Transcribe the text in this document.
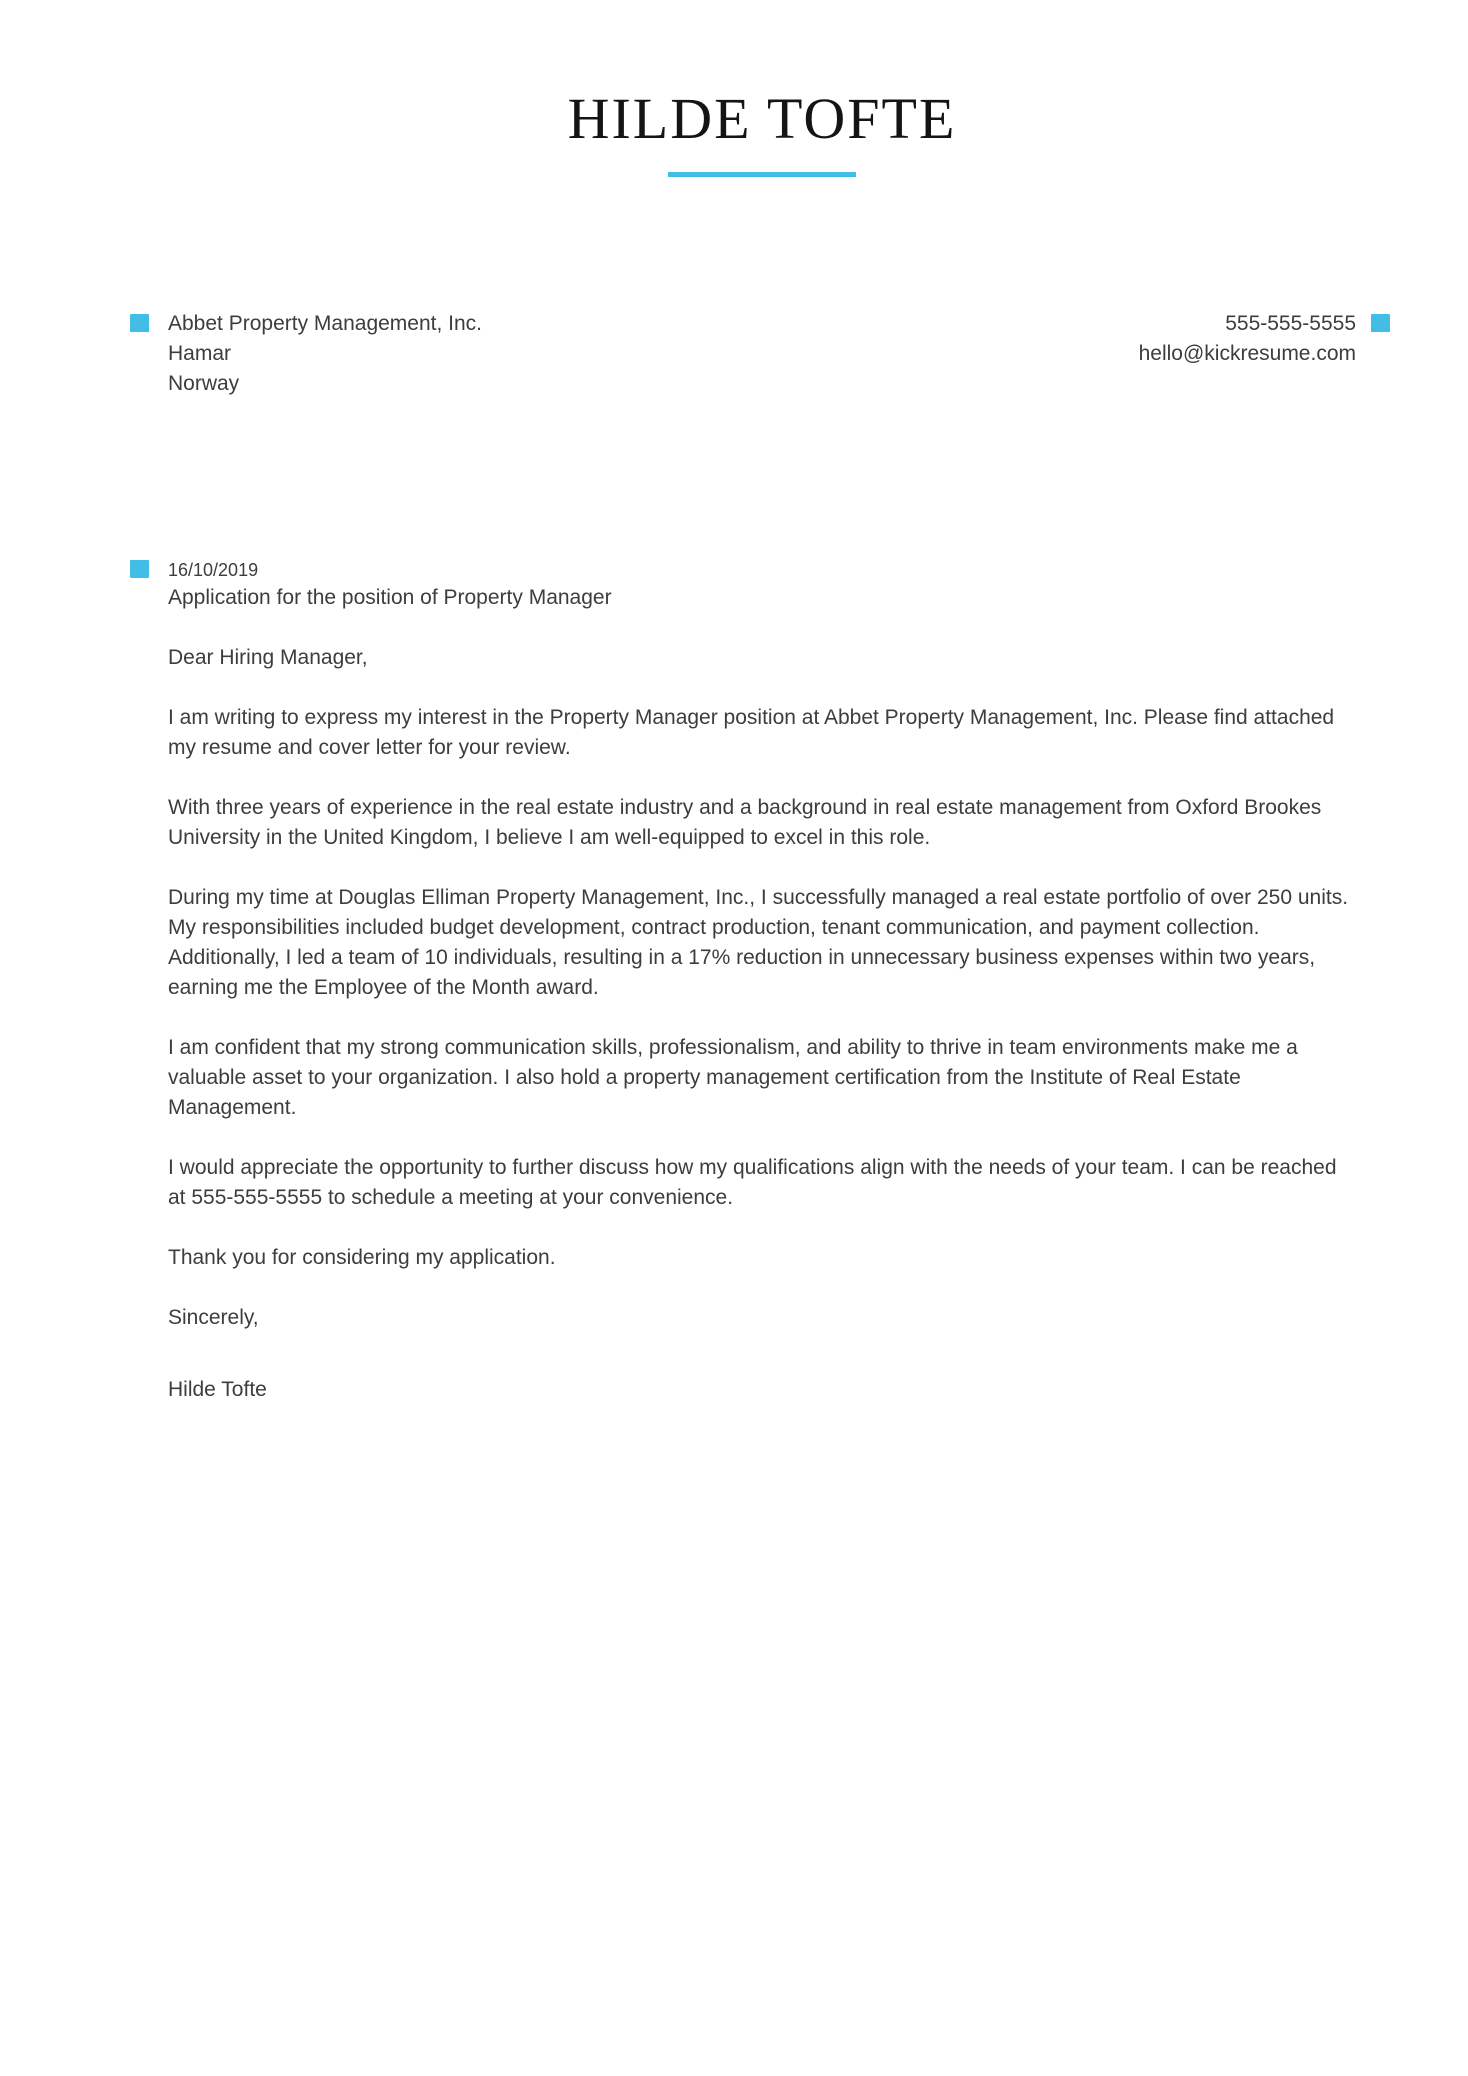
HILDE TOFTE
Abbet Property Management, Inc.
Hamar
Norway
555-555-5555
hello@kickresume.com
16/10/2019
Application for the position of Property Manager

Dear Hiring Manager,

I am writing to express my interest in the Property Manager position at Abbet Property Management, Inc. Please find attached my resume and cover letter for your review.

With three years of experience in the real estate industry and a background in real estate management from Oxford Brookes University in the United Kingdom, I believe I am well-equipped to excel in this role.

During my time at Douglas Elliman Property Management, Inc., I successfully managed a real estate portfolio of over 250 units. My responsibilities included budget development, contract production, tenant communication, and payment collection. Additionally, I led a team of 10 individuals, resulting in a 17% reduction in unnecessary business expenses within two years, earning me the Employee of the Month award.

I am confident that my strong communication skills, professionalism, and ability to thrive in team environments make me a valuable asset to your organization. I also hold a property management certification from the Institute of Real Estate Management.

I would appreciate the opportunity to further discuss how my qualifications align with the needs of your team. I can be reached at 555-555-5555 to schedule a meeting at your convenience.

Thank you for considering my application.

Sincerely,

Hilde Tofte
